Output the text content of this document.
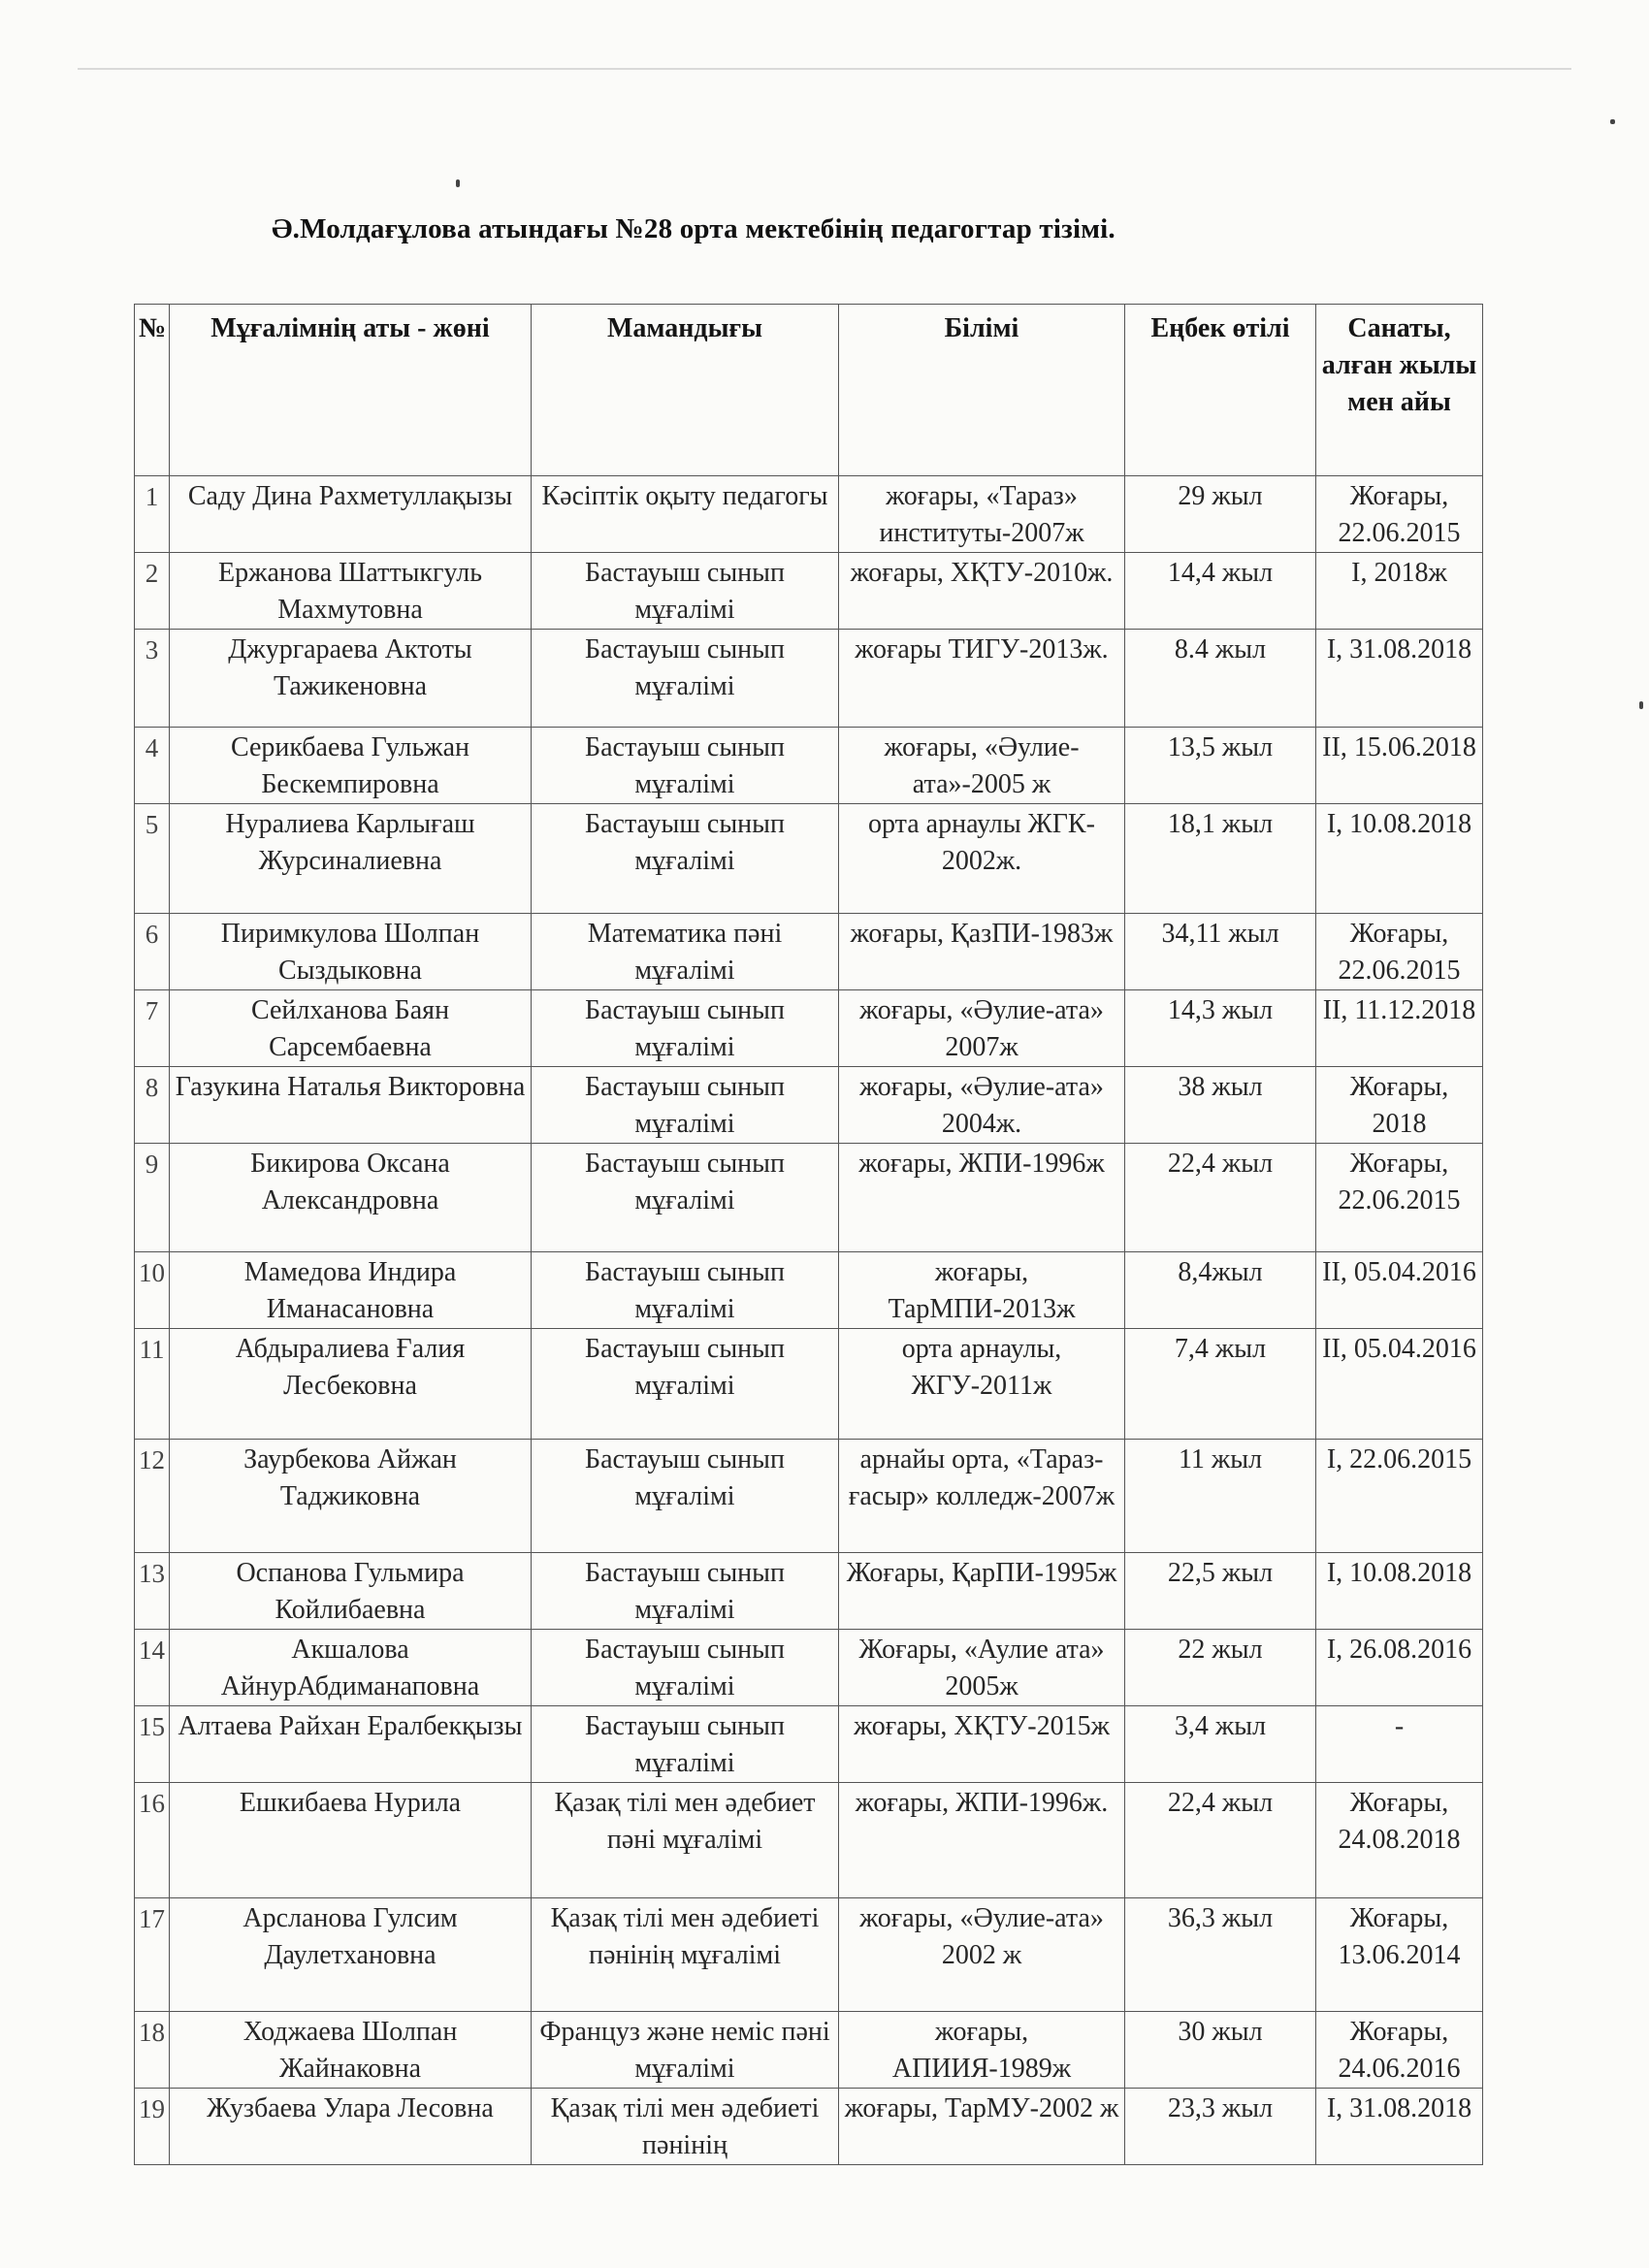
Ә.Молдағұлова атындағы №28 орта мектебінің педагогтар тізімі.
№	Мұғалімнің аты - жөні	Мамандығы	Білімі	Еңбек өтілі	Санаты, алған жылы мен айы
1	Саду Дина Рахметуллақызы	Кәсіптік оқыту педагогы	жоғары, «Тараз» институты-2007ж	29 жыл	Жоғары, 22.06.2015
2	Ержанова Шаттыкгуль Махмутовна	Бастауыш сынып мұғалімі	жоғары, ХҚТУ-2010ж.	14,4 жыл	І, 2018ж
3	Джургараева Актоты Тажикеновна	Бастауыш сынып мұғалімі	жоғары ТИГУ-2013ж.	8.4 жыл	І, 31.08.2018
4	Серикбаева Гульжан Бескемпировна	Бастауыш сынып мұғалімі	жоғары, «Әулие-ата»-2005 ж	13,5 жыл	ІІ, 15.06.2018
5	Нуралиева Карлығаш Журсиналиевна	Бастауыш сынып мұғалімі	орта арнаулы ЖГК- 2002ж.	18,1 жыл	І, 10.08.2018
6	Пиримкулова Шолпан Сыздыковна	Математика пәні мұғалімі	жоғары, ҚазПИ-1983ж	34,11 жыл	Жоғары, 22.06.2015
7	Сейлханова Баян Сарсембаевна	Бастауыш сынып мұғалімі	жоғары, «Әулие-ата» 2007ж	14,3 жыл	ІІ, 11.12.2018
8	Газукина Наталья Викторовна	Бастауыш сынып мұғалімі	жоғары, «Әулие-ата» 2004ж.	38 жыл	Жоғары, 2018
9	Бикирова Оксана Александровна	Бастауыш сынып мұғалімі	жоғары, ЖПИ-1996ж	22,4 жыл	Жоғары, 22.06.2015
10	Мамедова Индира Иманасановна	Бастауыш сынып мұғалімі	жоғары, ТарМПИ-2013ж	8,4жыл	ІІ, 05.04.2016
11	Абдыралиева Ғалия Лесбековна	Бастауыш сынып мұғалімі	орта арнаулы, ЖГУ-2011ж	7,4 жыл	ІІ, 05.04.2016
12	Заурбекова Айжан Таджиковна	Бастауыш сынып мұғалімі	арнайы орта, «Тараз-ғасыр» колледж-2007ж	11 жыл	І, 22.06.2015
13	Оспанова Гульмира Койлибаевна	Бастауыш сынып мұғалімі	Жоғары, ҚарПИ-1995ж	22,5 жыл	І, 10.08.2018
14	Акшалова АйнурАбдиманаповна	Бастауыш сынып мұғалімі	Жоғары, «Аулие ата» 2005ж	22 жыл	І, 26.08.2016
15	Алтаева Райхан Ералбекқызы	Бастауыш сынып мұғалімі	жоғары, ХҚТУ-2015ж	3,4 жыл	-
16	Ешкибаева Нурила	Қазақ тілі мен әдебиет пәні мұғалімі	жоғары, ЖПИ-1996ж.	22,4 жыл	Жоғары, 24.08.2018
17	Арсланова Гулсим Даулетхановна	Қазақ тілі мен әдебиеті пәнінің мұғалімі	жоғары, «Әулие-ата» 2002 ж	36,3 жыл	Жоғары, 13.06.2014
18	Ходжаева Шолпан Жайнаковна	Француз және неміс пәні мұғалімі	жоғары, АПИИЯ-1989ж	30 жыл	Жоғары, 24.06.2016
19	Жузбаева Улара Лесовна	Қазақ тілі мен әдебиеті пәнінің	жоғары, ТарМУ-2002 ж	23,3 жыл	І, 31.08.2018
